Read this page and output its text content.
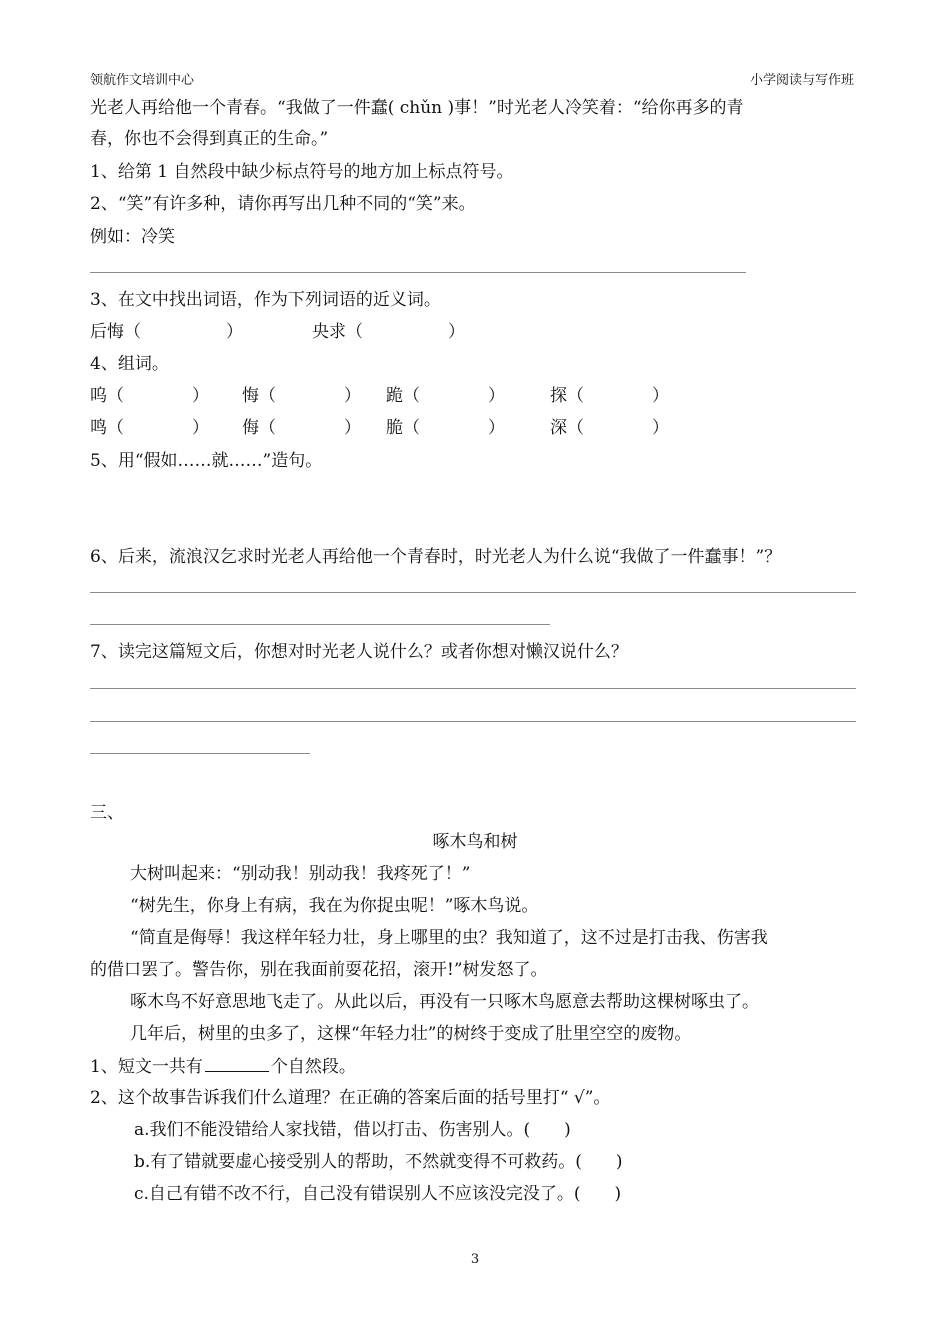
领航作文培训中心	小学阅读与写作班
光老人再给他一个青春。“我做了一件蠢( chǔn )事！”时光老人冷笑着：“给你再多的青
春，你也不会得到真正的生命。”
1、给第 1 自然段中缺少标点符号的地方加上标点符号。
2、“笑”有许多种，请你再写出几种不同的“笑”来。
例如：冷笑
3、在文中找出词语，作为下列词语的近义词。
后悔（　　　　　）	央求（　　　　　）
4、组词。
呜（　　　　） 悔（　　　　） 跪（　　　　）	探（　　　　）
鸣（　　　　） 侮（　　　　） 脆（　　　　）	深（　　　　）
5、用“假如……就……”造句。
6、后来，流浪汉乞求时光老人再给他一个青春时，时光老人为什么说“我做了一件蠢事！”？
7、读完这篇短文后，你想对时光老人说什么？或者你想对懒汉说什么？
三、
啄木鸟和树
大树叫起来：“别动我！别动我！我疼死了！”
“树先生，你身上有病，我在为你捉虫呢！”啄木鸟说。
“简直是侮辱！我这样年轻力壮，身上哪里的虫？我知道了，这不过是打击我、伤害我
的借口罢了。警告你，别在我面前耍花招，滚开!”树发怒了。
啄木鸟不好意思地飞走了。从此以后，再没有一只啄木鸟愿意去帮助这棵树啄虫了。
几年后，树里的虫多了，这棵“年轻力壮”的树终于变成了肚里空空的废物。
1、短文一共有	个自然段。
2、这个故事告诉我们什么道理？在正确的答案后面的括号里打“ √”。
a.我们不能没错给人家找错，借以打击、伤害别人。(　　)
b.有了错就要虚心接受别人的帮助，不然就变得不可救药。(　　)
c.自己有错不改不行，自己没有错误别人不应该没完没了。(　　)
3
